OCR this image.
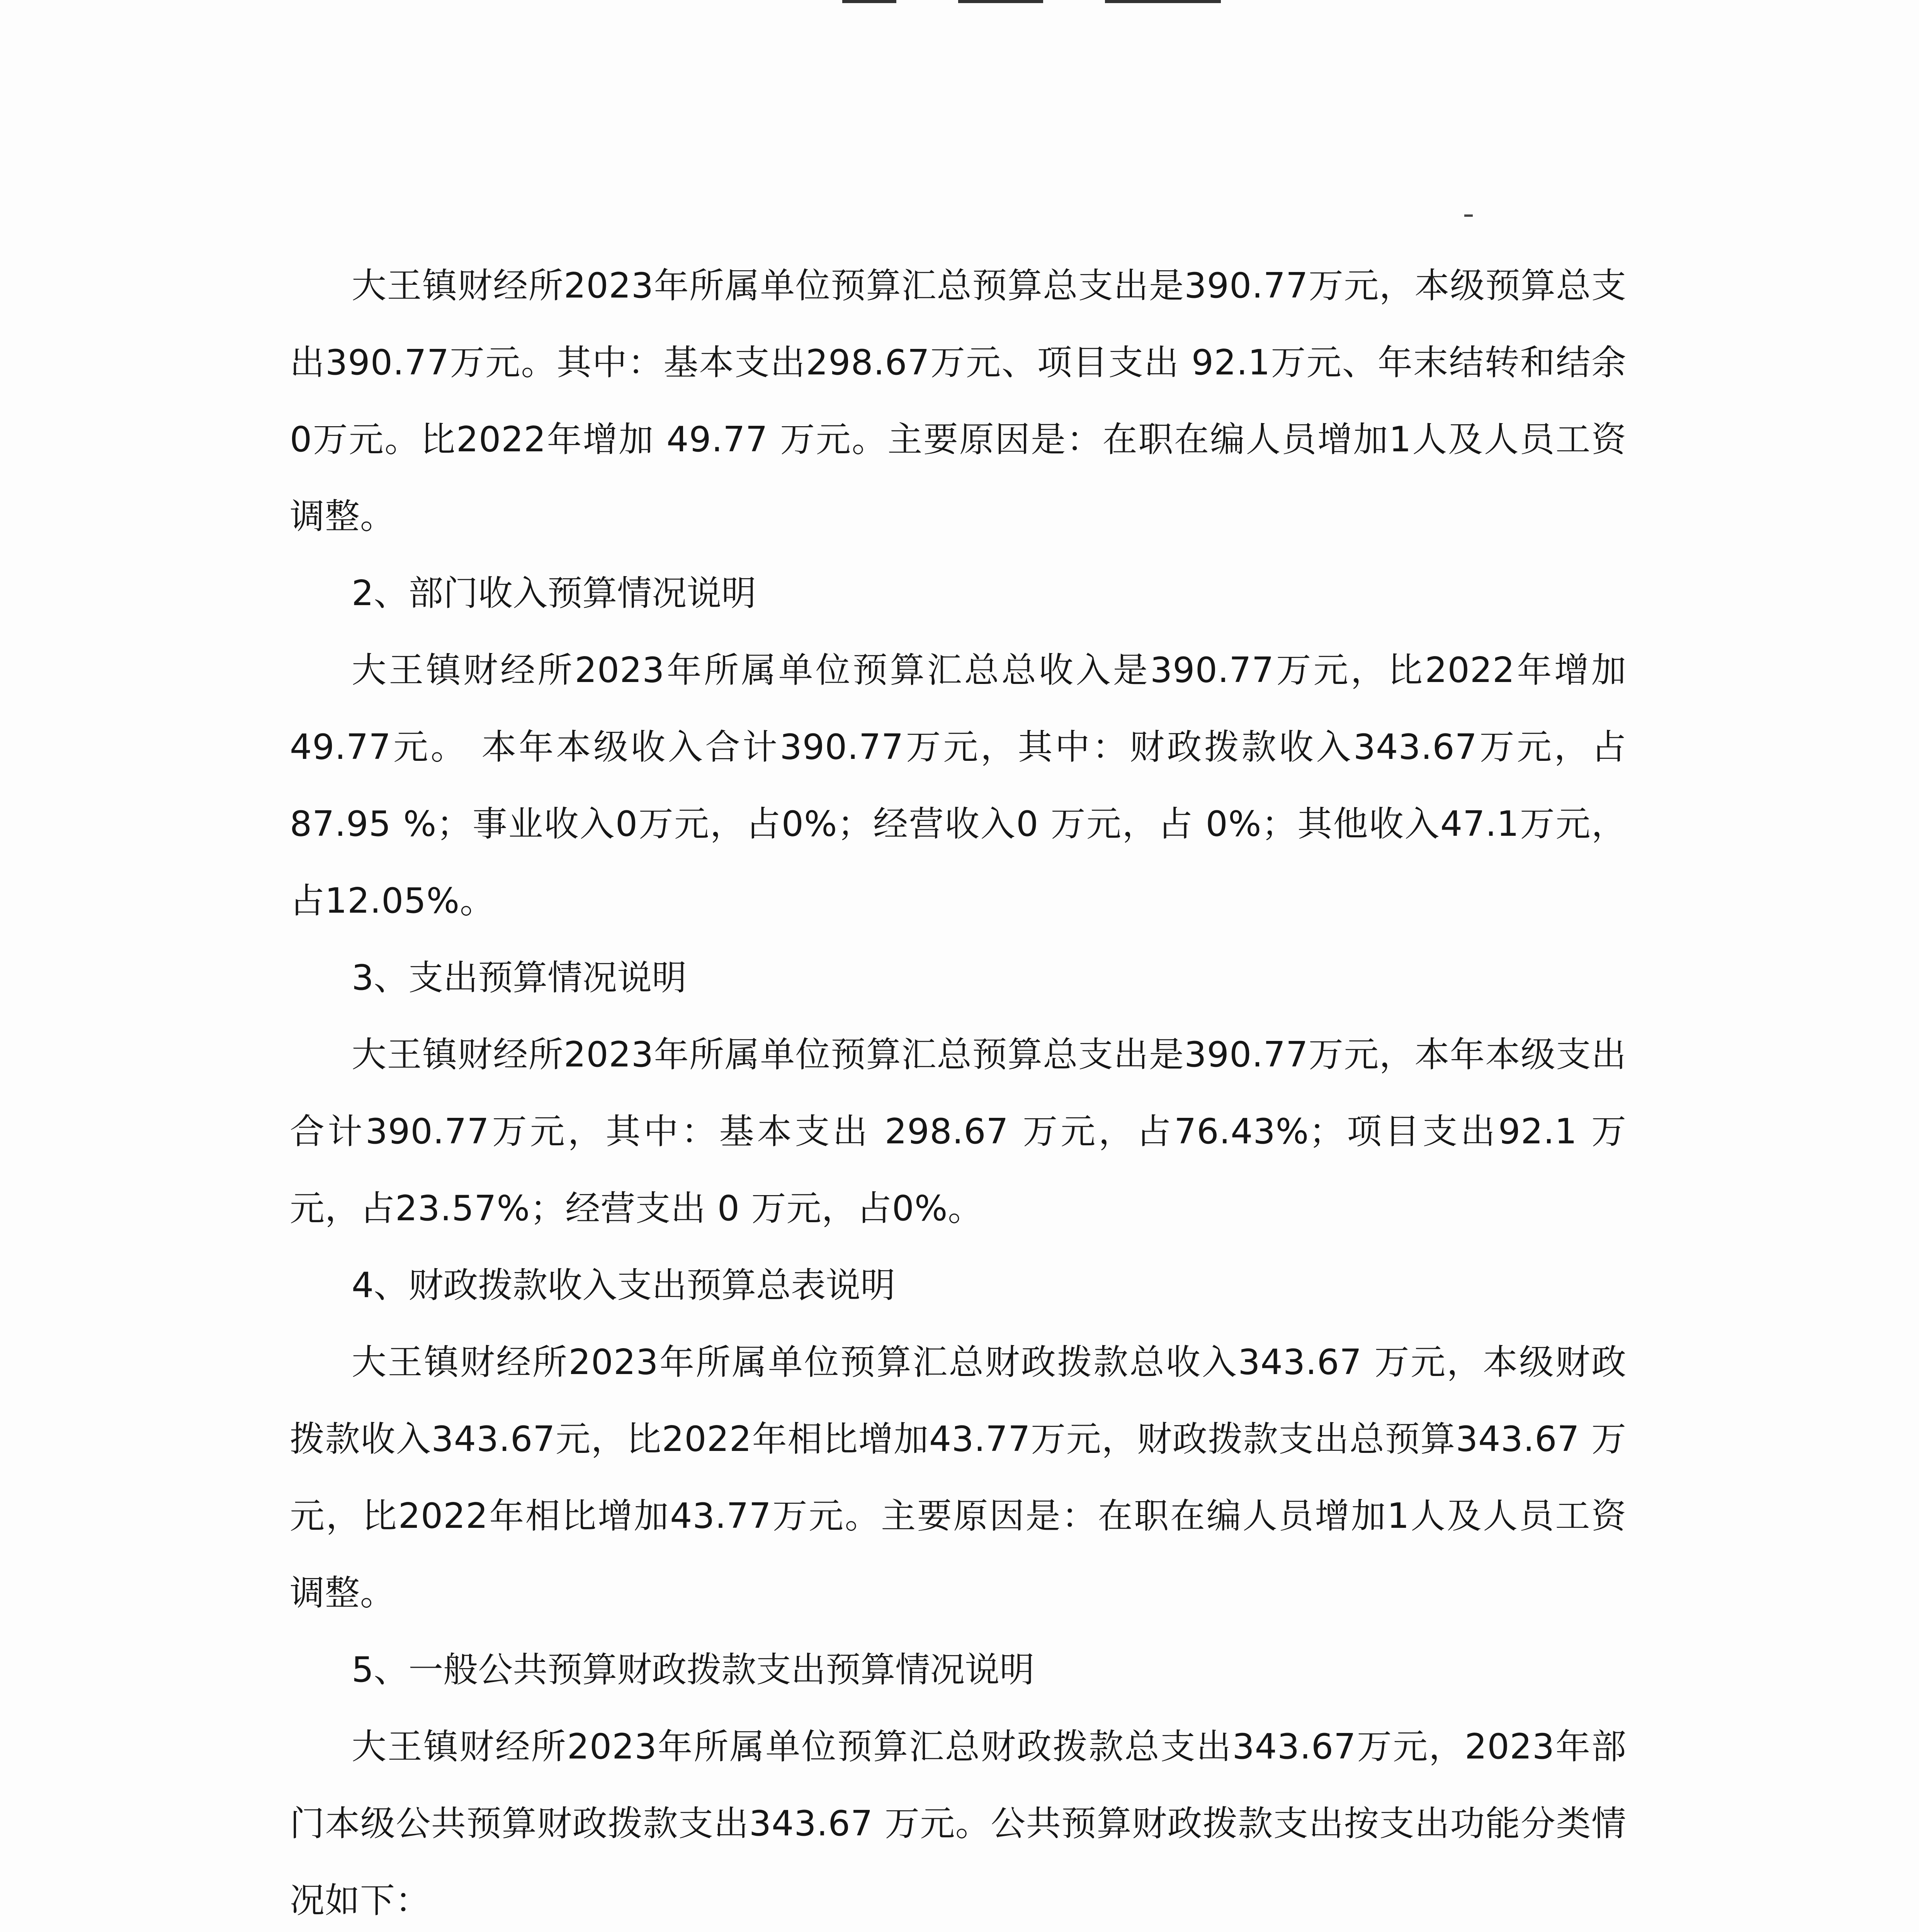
大王镇财经所2023年所属单位预算汇总预算总支出是390.77万元，本级预算总支出390.77万元。其中：基本支出298.67万元、项目支出 92.1万元、年末结转和结余 0万元。比2022年增加 49.77 万元。主要原因是：在职在编人员增加1人及人员工资调整。

2、部门收入预算情况说明

大王镇财经所2023年所属单位预算汇总总收入是390.77万元，比2022年增加49.77元。 本年本级收入合计390.77万元，其中：财政拨款收入343.67万元，占87.95 %；事业收入0万元，占0%；经营收入0 万元，占 0%；其他收入47.1万元，占12.05%。

3、支出预算情况说明

大王镇财经所2023年所属单位预算汇总预算总支出是390.77万元，本年本级支出合计390.77万元，其中：基本支出 298.67 万元，占76.43%；项目支出92.1 万元，占23.57%；经营支出 0 万元，占0%。

4、财政拨款收入支出预算总表说明

大王镇财经所2023年所属单位预算汇总财政拨款总收入343.67 万元，本级财政拨款收入343.67元，比2022年相比增加43.77万元，财政拨款支出总预算343.67 万元，比2022年相比增加43.77万元。主要原因是：在职在编人员增加1人及人员工资调整。

5、一般公共预算财政拨款支出预算情况说明

大王镇财经所2023年所属单位预算汇总财政拨款总支出343.67万元，2023年部门本级公共预算财政拨款支出343.67 万元。公共预算财政拨款支出按支出功能分类情况如下：
